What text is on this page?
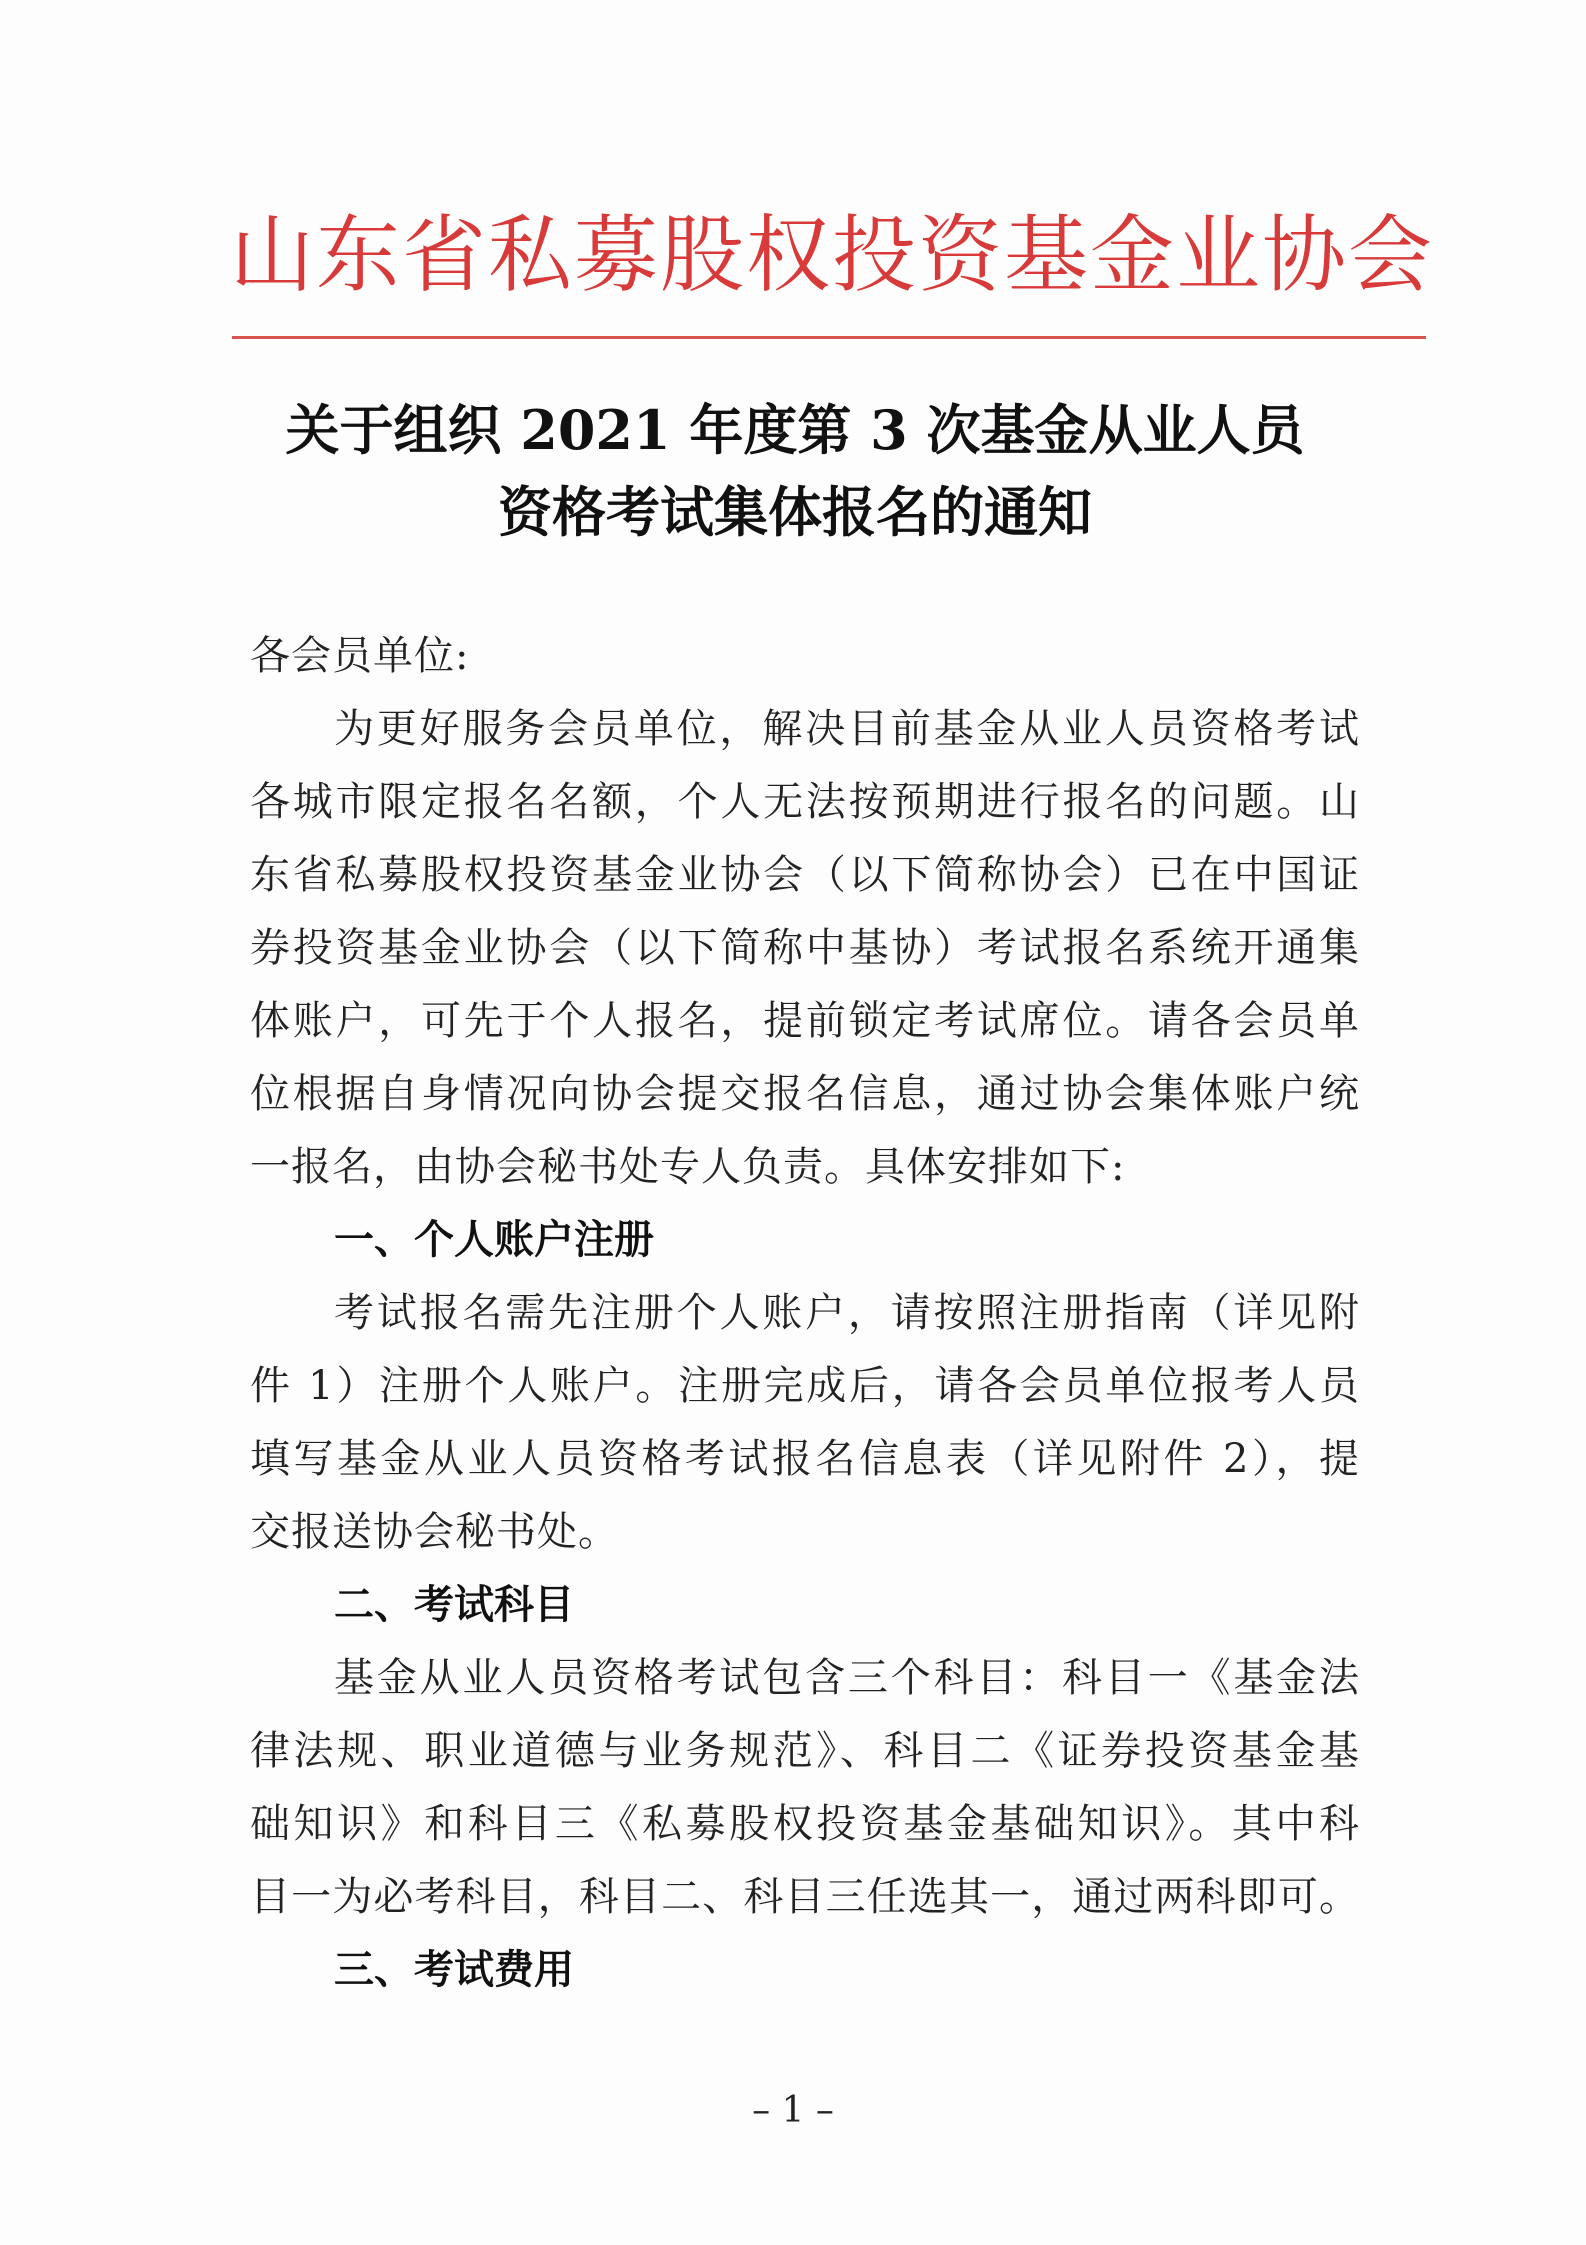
山东省私募股权投资基金业协会
关于组织 2021 年度第 3 次基金从业人员
资格考试集体报名的通知
各会员单位:
为更好服务会员单位，解决目前基金从业人员资格考试
各城市限定报名名额，个人无法按预期进行报名的问题。山
东省私募股权投资基金业协会（以下简称协会）已在中国证
券投资基金业协会（以下简称中基协）考试报名系统开通集
体账户，可先于个人报名，提前锁定考试席位。请各会员单
位根据自身情况向协会提交报名信息，通过协会集体账户统
一报名，由协会秘书处专人负责。具体安排如下:
一、个人账户注册
考试报名需先注册个人账户，请按照注册指南（详见附
件 1）注册个人账户。注册完成后，请各会员单位报考人员
填写基金从业人员资格考试报名信息表（详见附件 2），提
交报送协会秘书处。
二、考试科目
基金从业人员资格考试包含三个科目：科目一《基金法
律法规、职业道德与业务规范》、科目二《证券投资基金基
础知识》和科目三《私募股权投资基金基础知识》。其中科
目一为必考科目，科目二、科目三任选其一，通过两科即可。
三、考试费用
– 1 –
